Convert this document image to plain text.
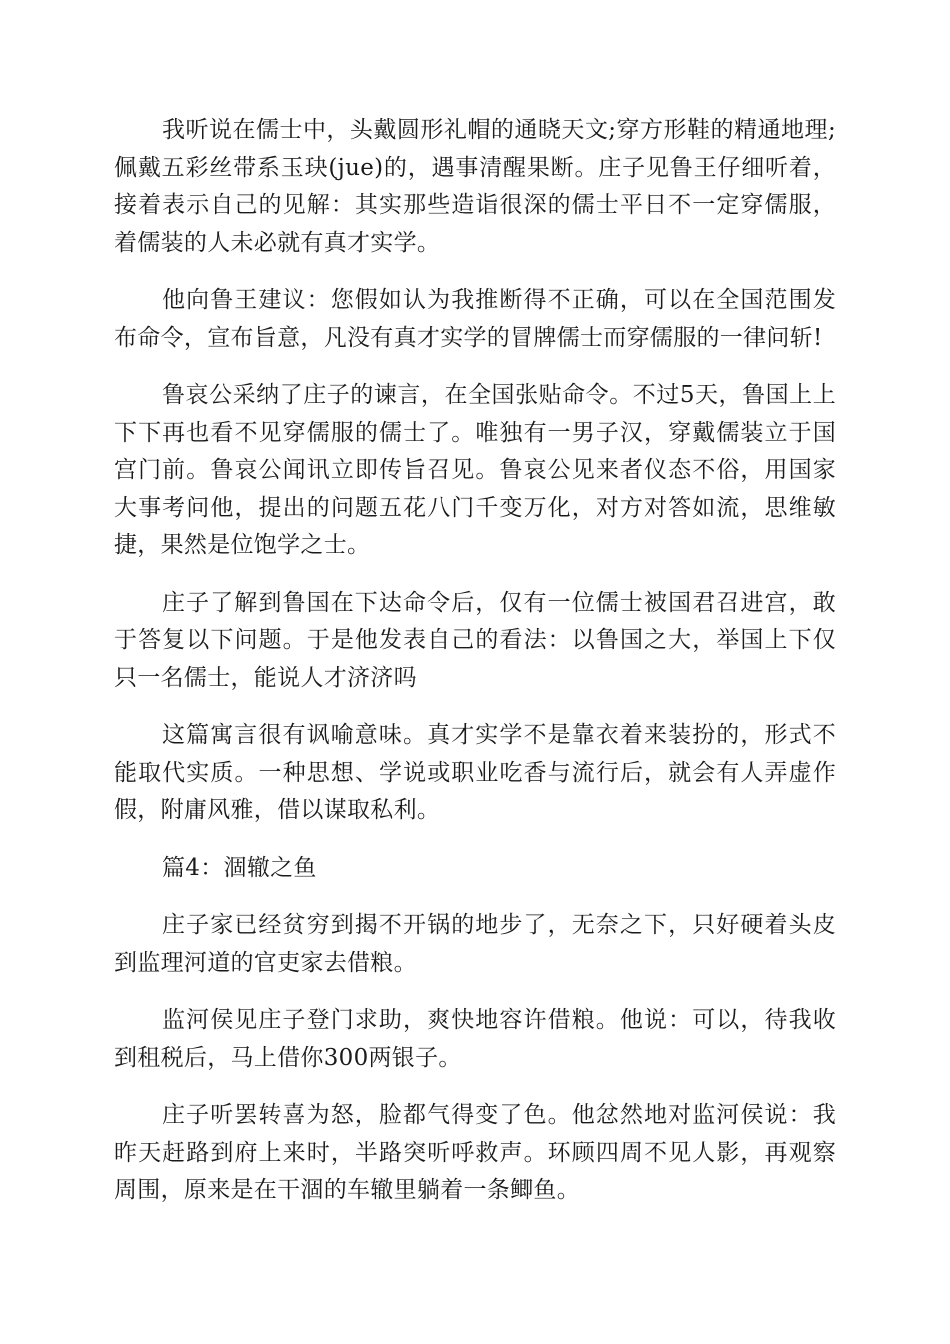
我听说在儒士中，头戴圆形礼帽的通晓天文;穿方形鞋的精通地理;佩戴五彩丝带系玉玦(jue)的，遇事清醒果断。庄子见鲁王仔细听着，接着表示自己的见解：其实那些造诣很深的儒士平日不一定穿儒服，着儒装的人未必就有真才实学。

他向鲁王建议：您假如认为我推断得不正确，可以在全国范围发布命令，宣布旨意，凡没有真才实学的冒牌儒士而穿儒服的一律问斩!

鲁哀公采纳了庄子的谏言，在全国张贴命令。不过5天，鲁国上上下下再也看不见穿儒服的儒士了。唯独有一男子汉，穿戴儒装立于国宫门前。鲁哀公闻讯立即传旨召见。鲁哀公见来者仪态不俗，用国家大事考问他，提出的问题五花八门千变万化，对方对答如流，思维敏捷，果然是位饱学之士。

庄子了解到鲁国在下达命令后，仅有一位儒士被国君召进宫，敢于答复以下问题。于是他发表自己的看法：以鲁国之大，举国上下仅只一名儒士，能说人才济济吗

这篇寓言很有讽喻意味。真才实学不是靠衣着来装扮的，形式不能取代实质。一种思想、学说或职业吃香与流行后，就会有人弄虚作假，附庸风雅，借以谋取私利。

篇4：涸辙之鱼

庄子家已经贫穷到揭不开锅的地步了，无奈之下，只好硬着头皮到监理河道的官吏家去借粮。

监河侯见庄子登门求助，爽快地容许借粮。他说：可以，待我收到租税后，马上借你300两银子。

庄子听罢转喜为怒，脸都气得变了色。他忿然地对监河侯说：我昨天赶路到府上来时，半路突听呼救声。环顾四周不见人影，再观察周围，原来是在干涸的车辙里躺着一条鲫鱼。
